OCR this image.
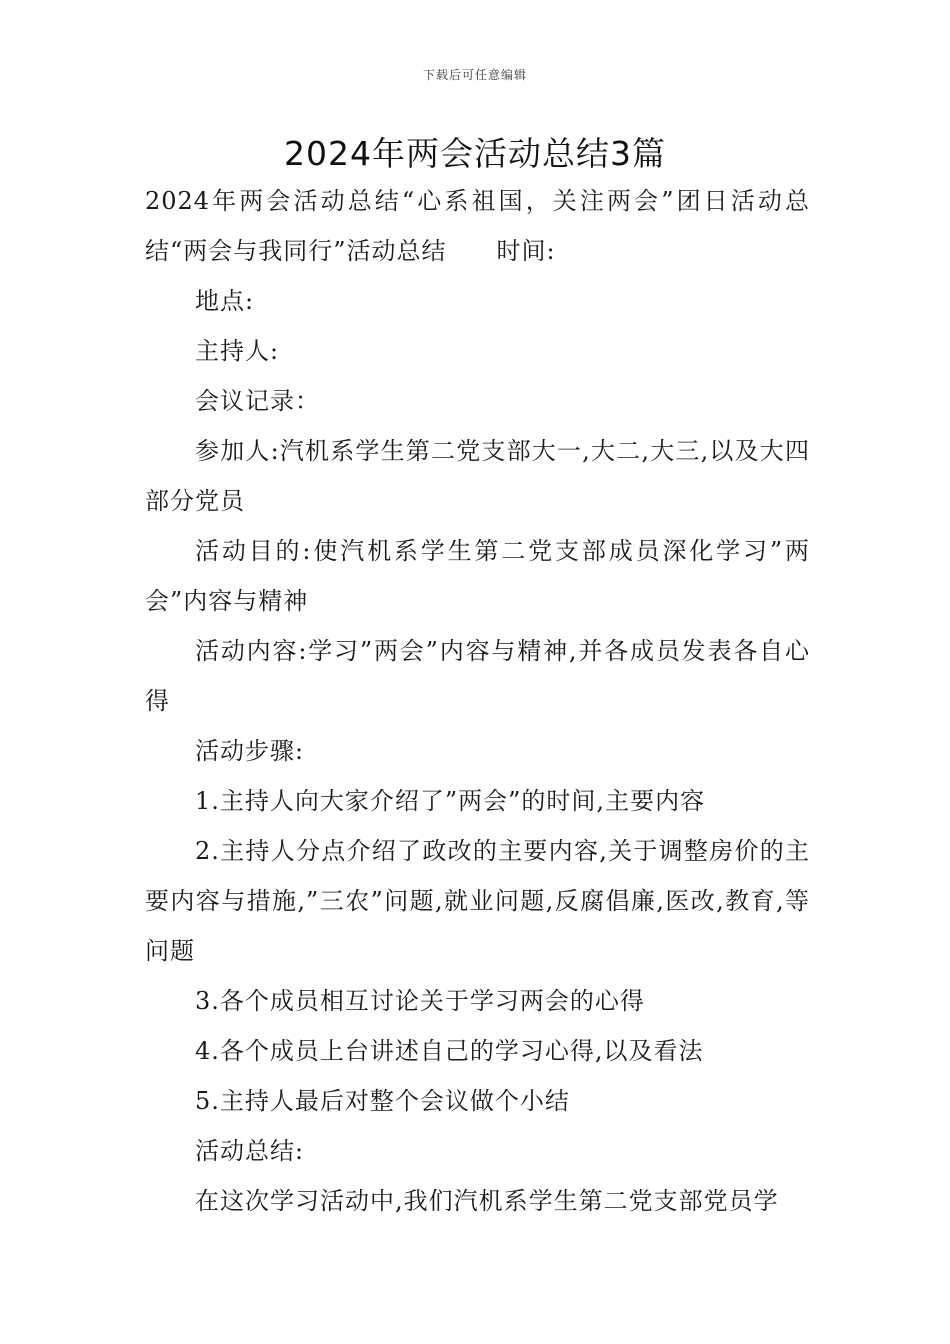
下载后可任意编辑
2024年两会活动总结3篇

2024年两会活动总结“心系祖国，关注两会”团日活动总结“两会与我同行”活动总结　　时间:

地点:

主持人:

会议记录：

参加人:汽机系学生第二党支部大一,大二,大三,以及大四部分党员

活动目的:使汽机系学生第二党支部成员深化学习”两会”内容与精神

活动内容:学习”两会”内容与精神,并各成员发表各自心得

活动步骤:

1.主持人向大家介绍了”两会”的时间,主要内容

2.主持人分点介绍了政改的主要内容,关于调整房价的主要内容与措施,”三农”问题,就业问题,反腐倡廉,医改,教育,等问题

3.各个成员相互讨论关于学习两会的心得

4.各个成员上台讲述自己的学习心得,以及看法

5.主持人最后对整个会议做个小结

活动总结:

在这次学习活动中,我们汽机系学生第二党支部党员学
